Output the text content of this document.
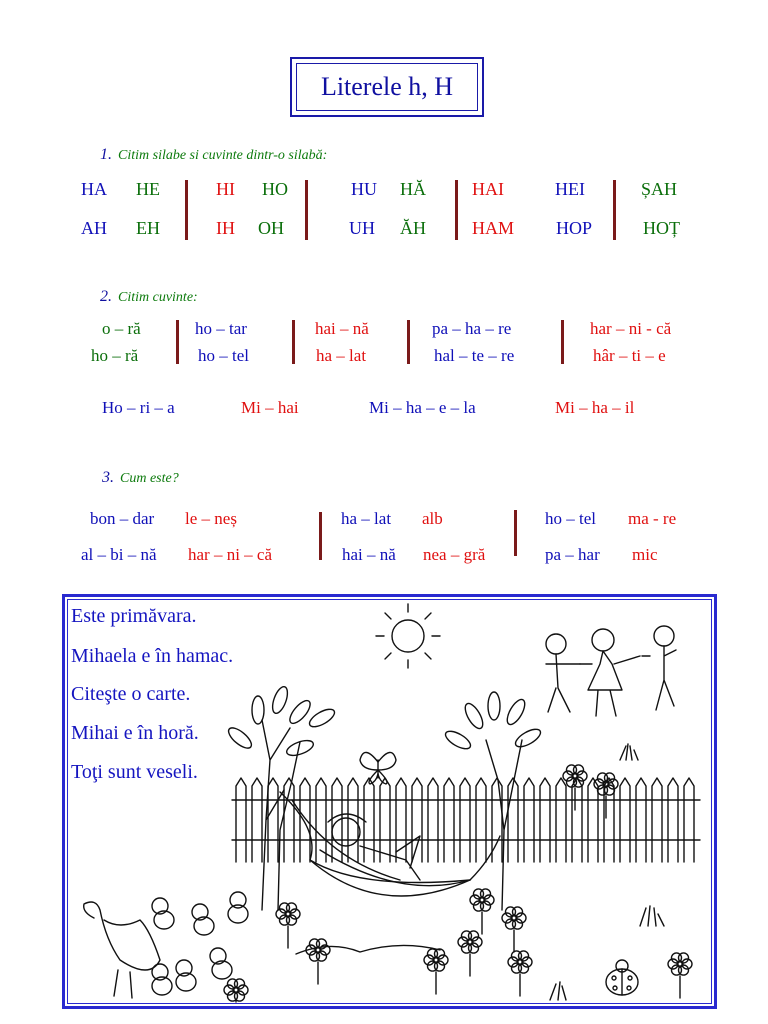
Literele h, H
1. Citim silabe si cuvinte dintr-o silabă:
HA HE	HI HO	HU HĂ	HAI	HEI	ȘAH
AH EH	IH OH	UH ĂH	HAM HOP	HOȚ
2. Citim cuvinte:
o – ră	ho – tar	hai – nă	pa – ha – re	har – ni - că
ho – ră	ho – tel	ha – lat	hal – te – re	hâr – ti – e
Ho – ri – a	Mi – hai	Mi – ha – e – la	Mi – ha – il
3. Cum este?
bon – dar le – neș	ha – lat alb	ho – tel ma - re
al – bi – nă har – ni – că	hai – nă nea – gră	pa – har mic
Este primăvara.
Mihaela e în hamac.
Citeşte o carte.
Mihai e în horă.
Toţi sunt veseli.
